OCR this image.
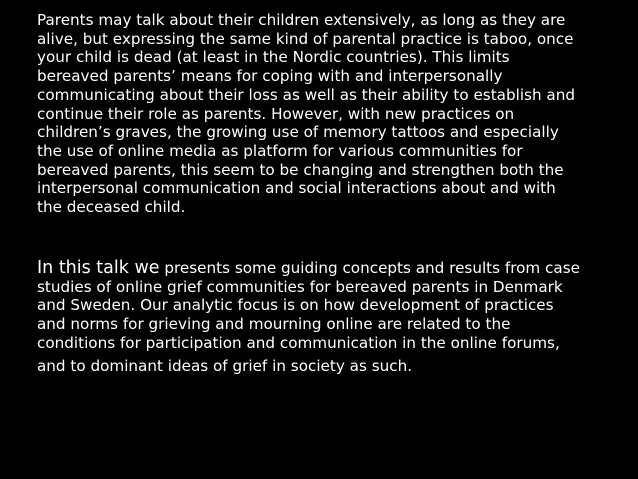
Parents may talk about their children extensively, as long as they are
alive, but expressing the same kind of parental practice is taboo, once
your child is dead (at least in the Nordic countries). This limits
bereaved parents’ means for coping with and interpersonally
communicating about their loss as well as their ability to establish and
continue their role as parents. However, with new practices on
children’s graves, the growing use of memory tattoos and especially
the use of online media as platform for various communities for
bereaved parents, this seem to be changing and strengthen both the
interpersonal communication and social interactions about and with
the deceased child.

In this talk we presents some guiding concepts and results from case
studies of online grief communities for bereaved parents in Denmark
and Sweden. Our analytic focus is on how development of practices
and norms for grieving and mourning online are related to the
conditions for participation and communication in the online forums,
and to dominant ideas of grief in society as such.
